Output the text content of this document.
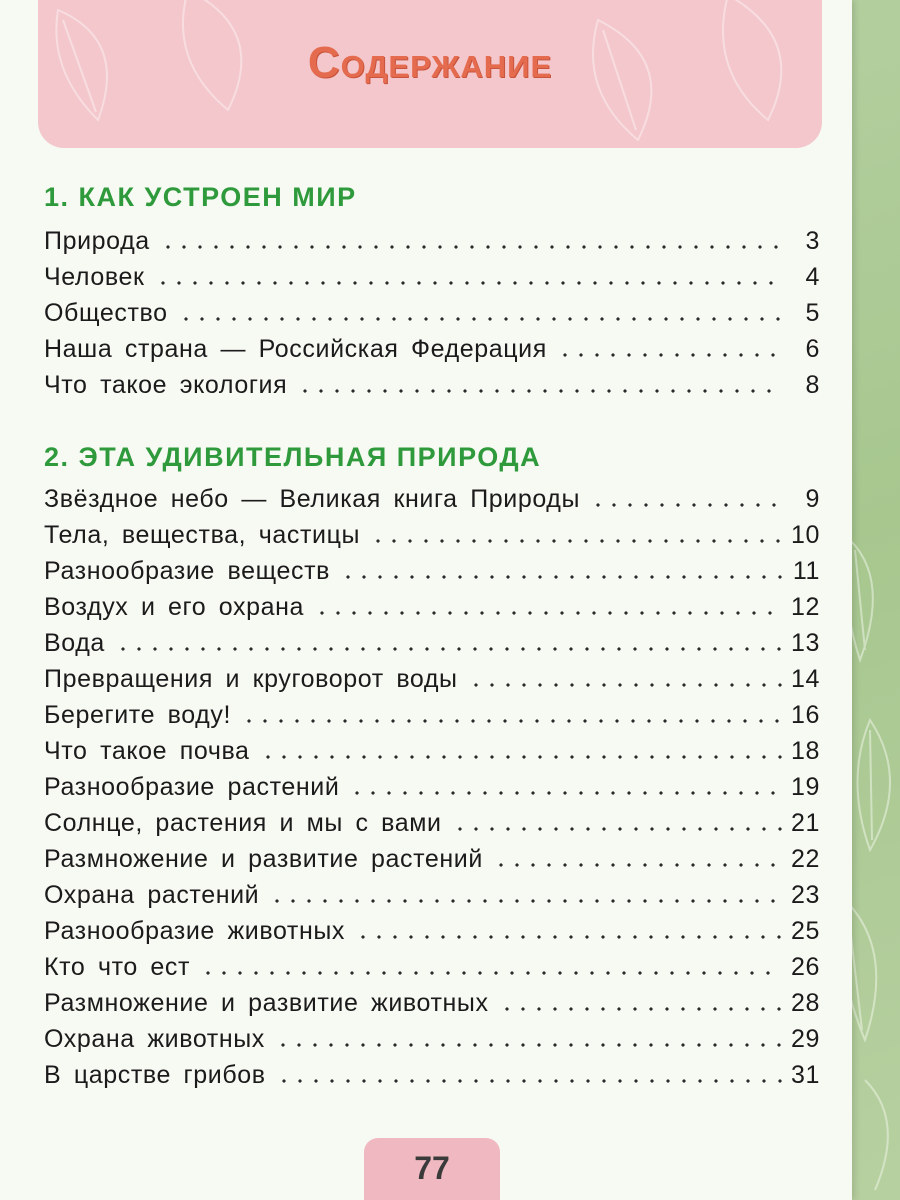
Содержание
1. КАК УСТРОЕН МИР
Природа	3
Человек	4
Общество	5
Наша страна — Российская Федерация	6
Что такое экология	8
2. ЭТА УДИВИТЕЛЬНАЯ ПРИРОДА
Звёздное небо — Великая книга Природы	9
Тела, вещества, частицы	10
Разнообразие веществ	11
Воздух и его охрана	12
Вода	13
Превращения и круговорот воды	14
Берегите воду!	16
Что такое почва	18
Разнообразие растений	19
Солнце, растения и мы с вами	21
Размножение и развитие растений	22
Охрана растений	23
Разнообразие животных	25
Кто что ест	26
Размножение и развитие животных	28
Охрана животных	29
В царстве грибов	31
77
